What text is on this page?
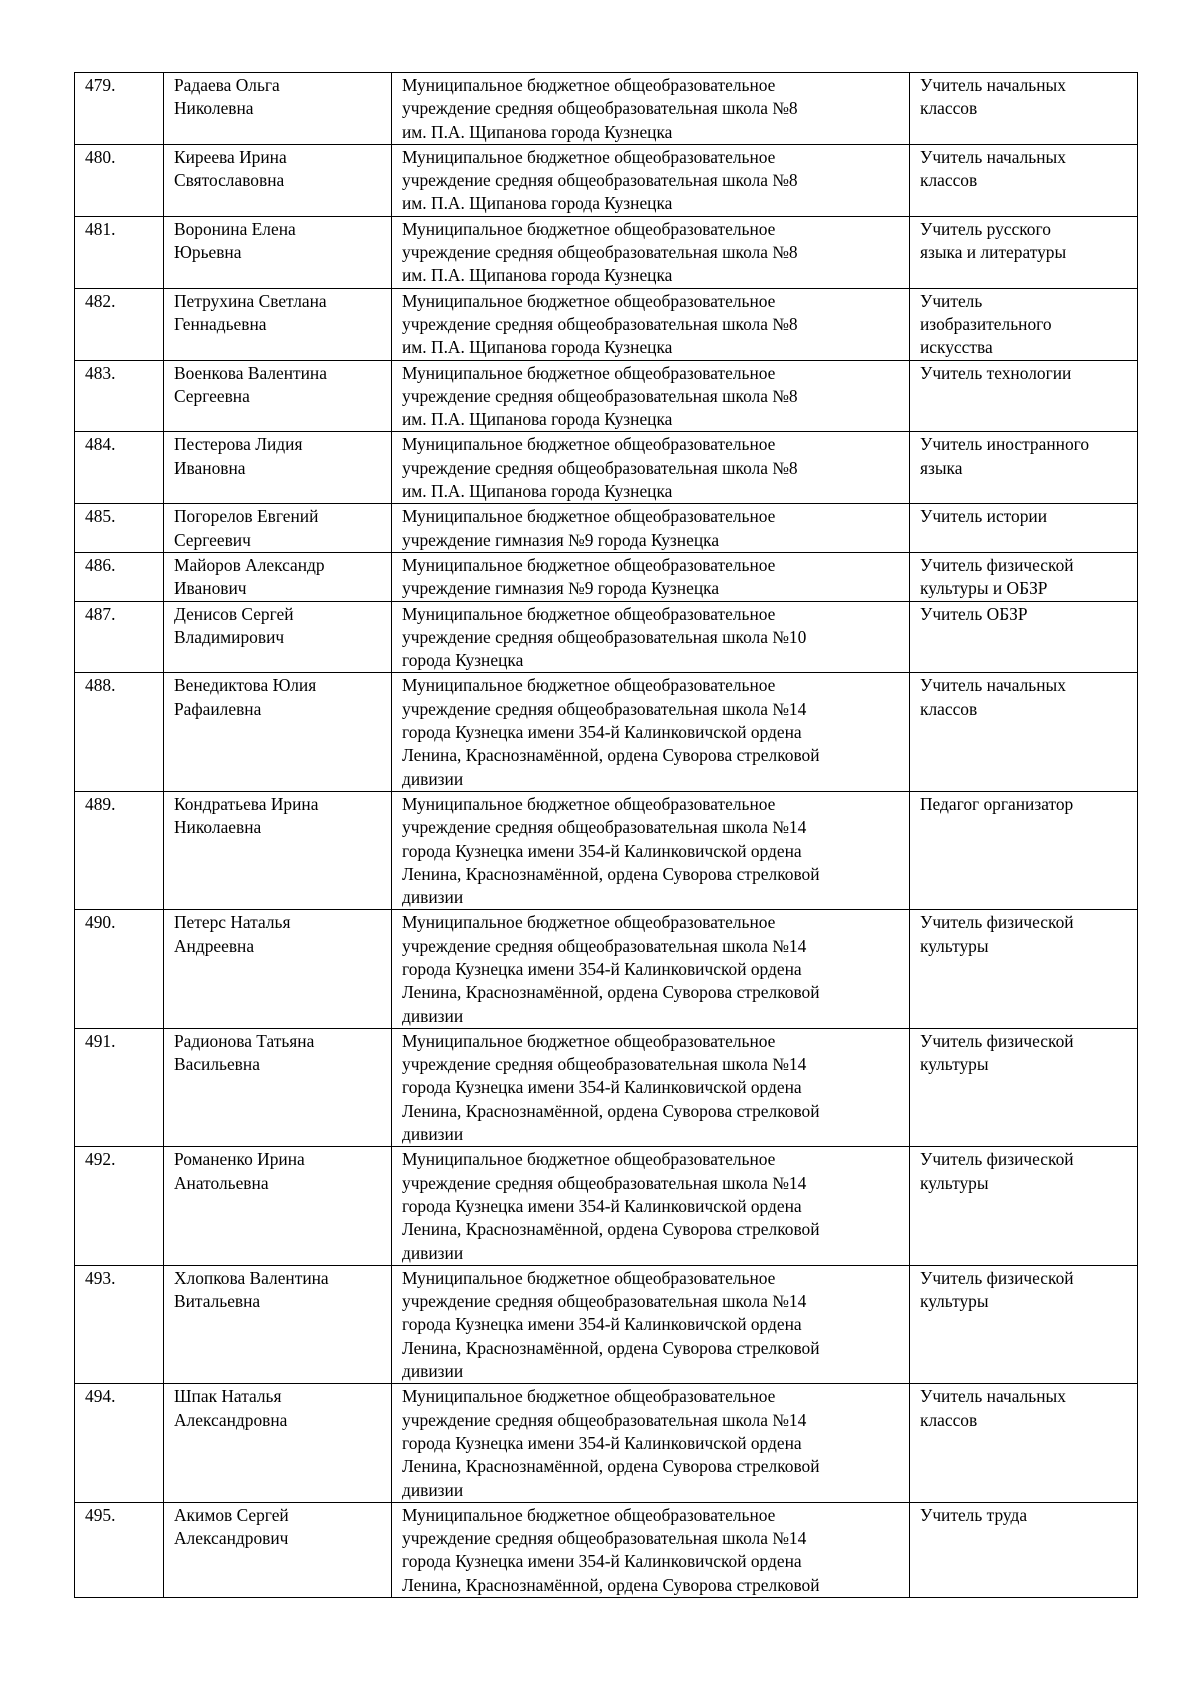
479.	Радаева Ольга
Николевна	Муниципальное бюджетное общеобразовательное
учреждение средняя общеобразовательная школа №8
им. П.А. Щипанова города Кузнецка	Учитель начальных
классов

480.	Киреева Ирина
Святославовна	Муниципальное бюджетное общеобразовательное
учреждение средняя общеобразовательная школа №8
им. П.А. Щипанова города Кузнецка	Учитель начальных
классов

481.	Воронина Елена
Юрьевна	Муниципальное бюджетное общеобразовательное
учреждение средняя общеобразовательная школа №8
им. П.А. Щипанова города Кузнецка	Учитель русского
языка и литературы

482.	Петрухина Светлана
Геннадьевна	Муниципальное бюджетное общеобразовательное
учреждение средняя общеобразовательная школа №8
им. П.А. Щипанова города Кузнецка	Учитель
изобразительного
искусства

483.	Военкова Валентина
Сергеевна	Муниципальное бюджетное общеобразовательное
учреждение средняя общеобразовательная школа №8
им. П.А. Щипанова города Кузнецка	Учитель технологии

484.	Пестерова Лидия
Ивановна	Муниципальное бюджетное общеобразовательное
учреждение средняя общеобразовательная школа №8
им. П.А. Щипанова города Кузнецка	Учитель иностранного
языка

485.	Погорелов Евгений
Сергеевич	Муниципальное бюджетное общеобразовательное
учреждение гимназия №9 города Кузнецка	Учитель истории

486.	Майоров Александр
Иванович	Муниципальное бюджетное общеобразовательное
учреждение гимназия №9 города Кузнецка	Учитель физической
культуры и ОБЗР

487.	Денисов Сергей
Владимирович	Муниципальное бюджетное общеобразовательное
учреждение средняя общеобразовательная школа №10
города Кузнецка	Учитель ОБЗР

488.	Венедиктова Юлия
Рафаилевна	Муниципальное бюджетное общеобразовательное
учреждение средняя общеобразовательная школа №14
города Кузнецка имени 354-й Калинковичской ордена
Ленина, Краснознамённой, ордена Суворова стрелковой
дивизии	Учитель начальных
классов

489.	Кондратьева Ирина
Николаевна	Муниципальное бюджетное общеобразовательное
учреждение средняя общеобразовательная школа №14
города Кузнецка имени 354-й Калинковичской ордена
Ленина, Краснознамённой, ордена Суворова стрелковой
дивизии	Педагог организатор

490.	Петерс Наталья
Андреевна	Муниципальное бюджетное общеобразовательное
учреждение средняя общеобразовательная школа №14
города Кузнецка имени 354-й Калинковичской ордена
Ленина, Краснознамённой, ордена Суворова стрелковой
дивизии	Учитель физической
культуры

491.	Радионова Татьяна
Васильевна	Муниципальное бюджетное общеобразовательное
учреждение средняя общеобразовательная школа №14
города Кузнецка имени 354-й Калинковичской ордена
Ленина, Краснознамённой, ордена Суворова стрелковой
дивизии	Учитель физической
культуры

492.	Романенко Ирина
Анатольевна	Муниципальное бюджетное общеобразовательное
учреждение средняя общеобразовательная школа №14
города Кузнецка имени 354-й Калинковичской ордена
Ленина, Краснознамённой, ордена Суворова стрелковой
дивизии	Учитель физической
культуры

493.	Хлопкова Валентина
Витальевна	Муниципальное бюджетное общеобразовательное
учреждение средняя общеобразовательная школа №14
города Кузнецка имени 354-й Калинковичской ордена
Ленина, Краснознамённой, ордена Суворова стрелковой
дивизии	Учитель физической
культуры

494.	Шпак Наталья
Александровна	Муниципальное бюджетное общеобразовательное
учреждение средняя общеобразовательная школа №14
города Кузнецка имени 354-й Калинковичской ордена
Ленина, Краснознамённой, ордена Суворова стрелковой
дивизии	Учитель начальных
классов

495.	Акимов Сергей
Александрович	Муниципальное бюджетное общеобразовательное
учреждение средняя общеобразовательная школа №14
города Кузнецка имени 354-й Калинковичской ордена
Ленина, Краснознамённой, ордена Суворова стрелковой	Учитель труда
